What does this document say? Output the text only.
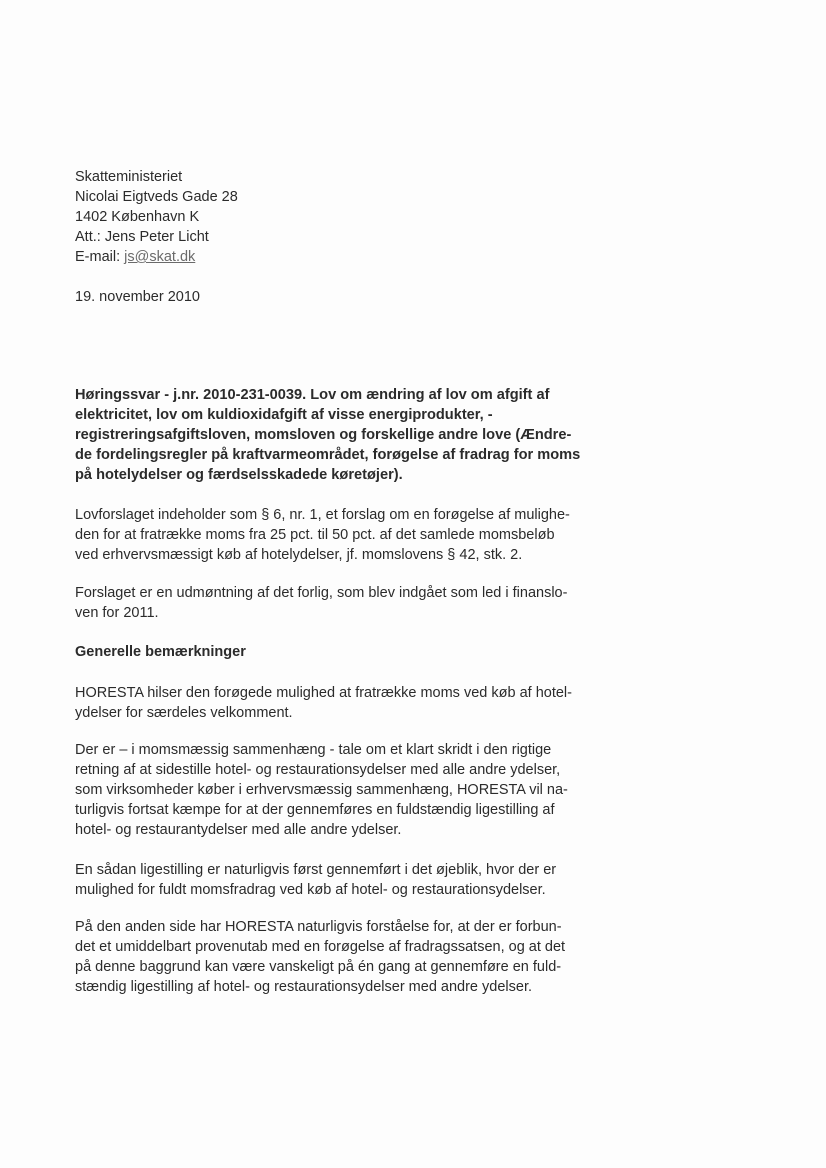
Skatteministeriet
Nicolai Eigtveds Gade 28
1402 København K
Att.: Jens Peter Licht
E-mail: js@skat.dk
19. november 2010
Høringssvar - j.nr. 2010-231-0039. Lov om ændring af lov om afgift af
elektricitet, lov om kuldioxidafgift af visse energiprodukter, -
registreringsafgiftsloven, momsloven og forskellige andre love (Ændre-
de fordelingsregler på kraftvarmeområdet, forøgelse af fradrag for moms
på hotelydelser og færdselsskadede køretøjer).
Lovforslaget indeholder som § 6, nr. 1, et forslag om en forøgelse af mulighe-
den for at fratrække moms fra 25 pct. til 50 pct. af det samlede momsbeløb
ved erhvervsmæssigt køb af hotelydelser, jf. momslovens § 42, stk. 2.
Forslaget er en udmøntning af det forlig, som blev indgået som led i finanslo-
ven for 2011.
Generelle bemærkninger
HORESTA hilser den forøgede mulighed at fratrække moms ved køb af hotel-
ydelser for særdeles velkomment.
Der er – i momsmæssig sammenhæng - tale om et klart skridt i den rigtige
retning af at sidestille hotel- og restaurationsydelser med alle andre ydelser,
som virksomheder køber i erhvervsmæssig sammenhæng, HORESTA vil na-
turligvis fortsat kæmpe for at der gennemføres en fuldstændig ligestilling af
hotel- og restaurantydelser med alle andre ydelser.
En sådan ligestilling er naturligvis først gennemført i det øjeblik, hvor der er
mulighed for fuldt momsfradrag ved køb af hotel- og restaurationsydelser.
På den anden side har HORESTA naturligvis forståelse for, at der er forbun-
det et umiddelbart provenutab med en forøgelse af fradragssatsen, og at det
på denne baggrund kan være vanskeligt på én gang at gennemføre en fuld-
stændig ligestilling af hotel- og restaurationsydelser med andre ydelser.
